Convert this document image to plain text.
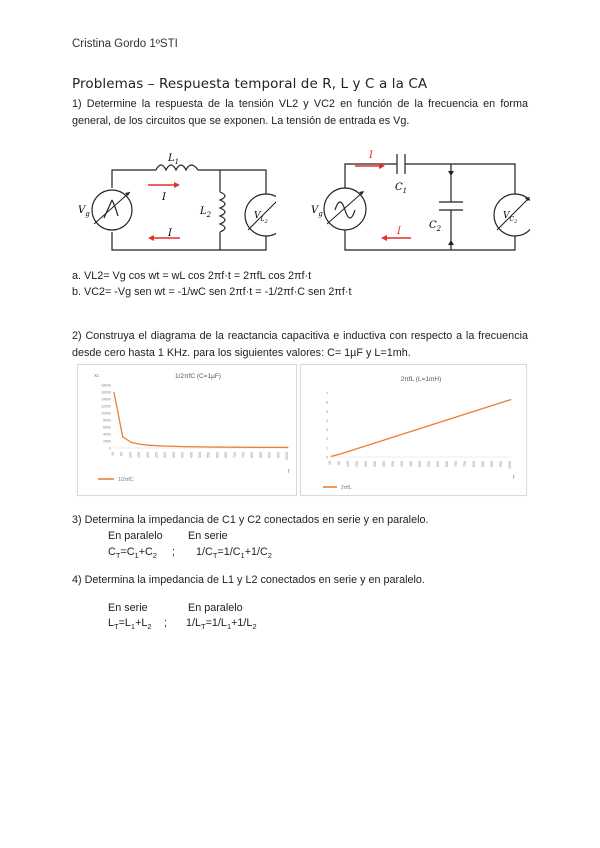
Cristina Gordo 1ºSTI
Problemas – Respuesta temporal de R, L y C a la CA
1) Determine la respuesta de la tensión VL2 y VC2 en función de la frecuencia en forma general, de los circuitos que se exponen. La tensión de entrada es Vg.
$L_1$
$L_2$
I
I
$V_g$	$V_{L2}$
I
I
$C_1$
$C_2$
$V_g$	$V_{C2}$
a. VL2= Vg cos wt = wL cos 2πf·t = 2πfL cos 2πf·t
b. VC2= -Vg sen wt = -1/wC sen 2πf·t = -1/2πf·C sen 2πf·t
2) Construya el diagrama de la reactancia capacitiva e inductiva con respecto a la frecuencia desde cero hasta 1 KHz. para los siguientes valores: C= 1µF y L=1mh.
1/2πfC (C=1μF)
Xc
18000
16000
14000
12000
10000
8000
6000
4000
2000
0
10 50 100 150 200 250 300 350 400 450 500 550 600 650 700 750 800 850 900 950 1000
f
1/2πfC
2πfL (L=1mH)
7
6
5
4
3
2
1
0
10 50 100 150 200 250 300 350 400 450 500 550 600 650 700 750 800 850 900 950 1000
f
2πfL
3) Determina la impedancia de C1 y C2 conectados en serie y en paralelo.
En paralelo En serie
$C_T=C_1+C_2$ ; $1/C_T=1/C_1+1/C_2$
4) Determina la impedancia de L1 y L2 conectados en serie y en paralelo.
En serie	En paralelo
$L_T=L_1+L_2$ ; $1/L_T=1/L_1+1/L_2$
